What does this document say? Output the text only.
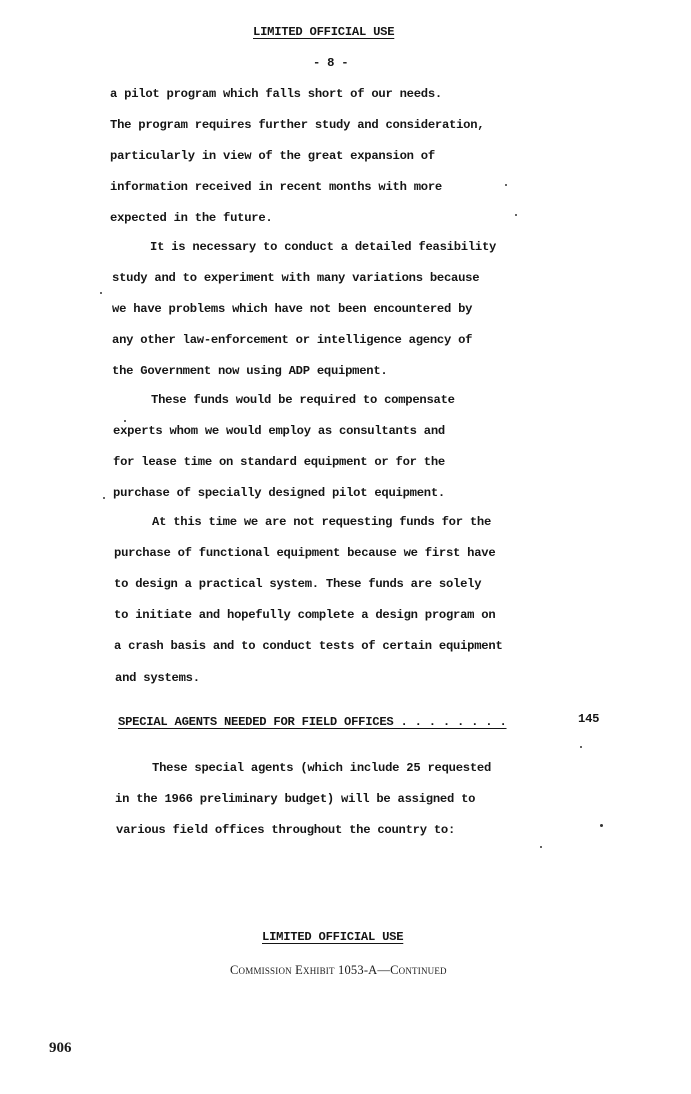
LIMITED OFFICIAL USE
- 8 -
a pilot program which falls short of our needs.
The program requires further study and consideration,
particularly in view of the great expansion of
information received in recent months with more
expected in the future.
It is necessary to conduct a detailed feasibility
study and to experiment with many variations because
we have problems which have not been encountered by
any other law-enforcement or intelligence agency of
the Government now using ADP equipment.
These funds would be required to compensate
experts whom we would employ as consultants and
for lease time on standard equipment or for the
purchase of specially designed pilot equipment.
At this time we are not requesting funds for the
purchase of functional equipment because we first have
to design a practical system. These funds are solely
to initiate and hopefully complete a design program on
a crash basis and to conduct tests of certain equipment
and systems.
SPECIAL AGENTS NEEDED FOR FIELD OFFICES . . . . . . . .	145
These special agents (which include 25 requested
in the 1966 preliminary budget) will be assigned to
various field offices throughout the country to:
LIMITED OFFICIAL USE
Commission Exhibit 1053-A—Continued
906
